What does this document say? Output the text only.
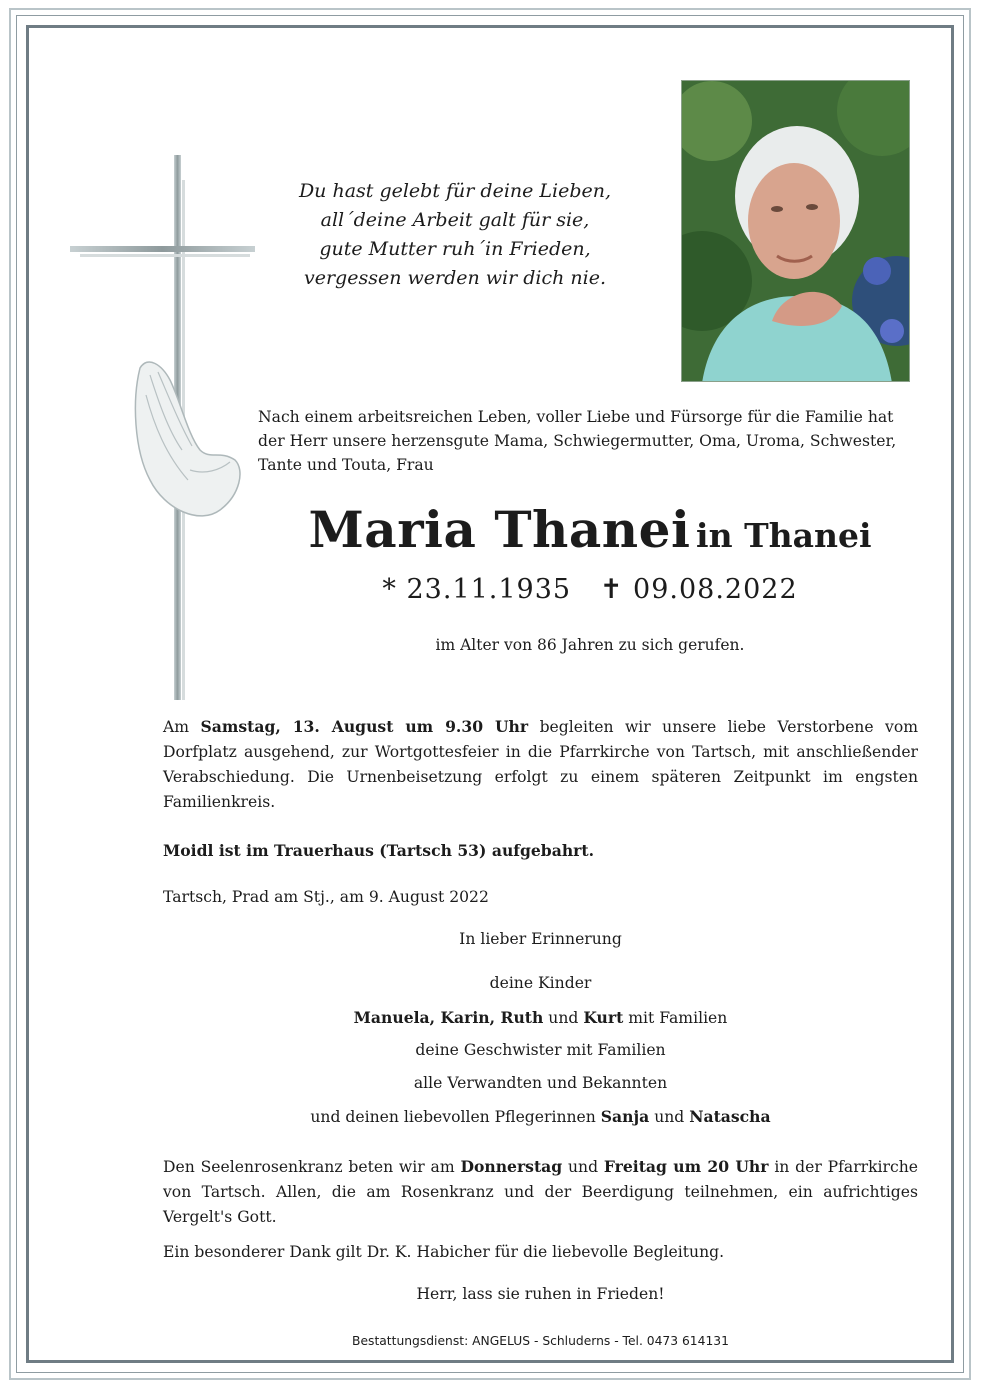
Du hast gelebt für deine Lieben,
all´deine Arbeit galt für sie,
gute Mutter ruh´in Frieden,
vergessen werden wir dich nie.
Nach einem arbeitsreichen Leben, voller Liebe und Fürsorge für die Familie hat der Herr unsere herzensgute Mama, Schwiegermutter, Oma, Uroma, Schwester, Tante und Touta, Frau
Maria Thanei in Thanei
* 23.11.1935 ✝ 09.08.2022
im Alter von 86 Jahren zu sich gerufen.
Am Samstag, 13. August um 9.30 Uhr begleiten wir unsere liebe Verstorbene vom Dorfplatz ausgehend, zur Wortgottesfeier in die Pfarrkirche von Tartsch, mit anschließender Verabschiedung. Die Urnenbeisetzung erfolgt zu einem späteren Zeitpunkt im engsten Familienkreis.
Moidl ist im Trauerhaus (Tartsch 53) aufgebahrt.
Tartsch, Prad am Stj., am 9. August 2022
In lieber Erinnerung
deine Kinder
Manuela, Karin, Ruth und Kurt mit Familien
deine Geschwister mit Familien
alle Verwandten und Bekannten
und deinen liebevollen Pflegerinnen Sanja und Natascha
Den Seelenrosenkranz beten wir am Donnerstag und Freitag um 20 Uhr in der Pfarrkirche von Tartsch. Allen, die am Rosenkranz und der Beerdigung teilnehmen, ein aufrichtiges Vergelt's Gott.
Ein besonderer Dank gilt Dr. K. Habicher für die liebevolle Begleitung.
Herr, lass sie ruhen in Frieden!
Bestattungsdienst: ANGELUS - Schluderns - Tel. 0473 614131
